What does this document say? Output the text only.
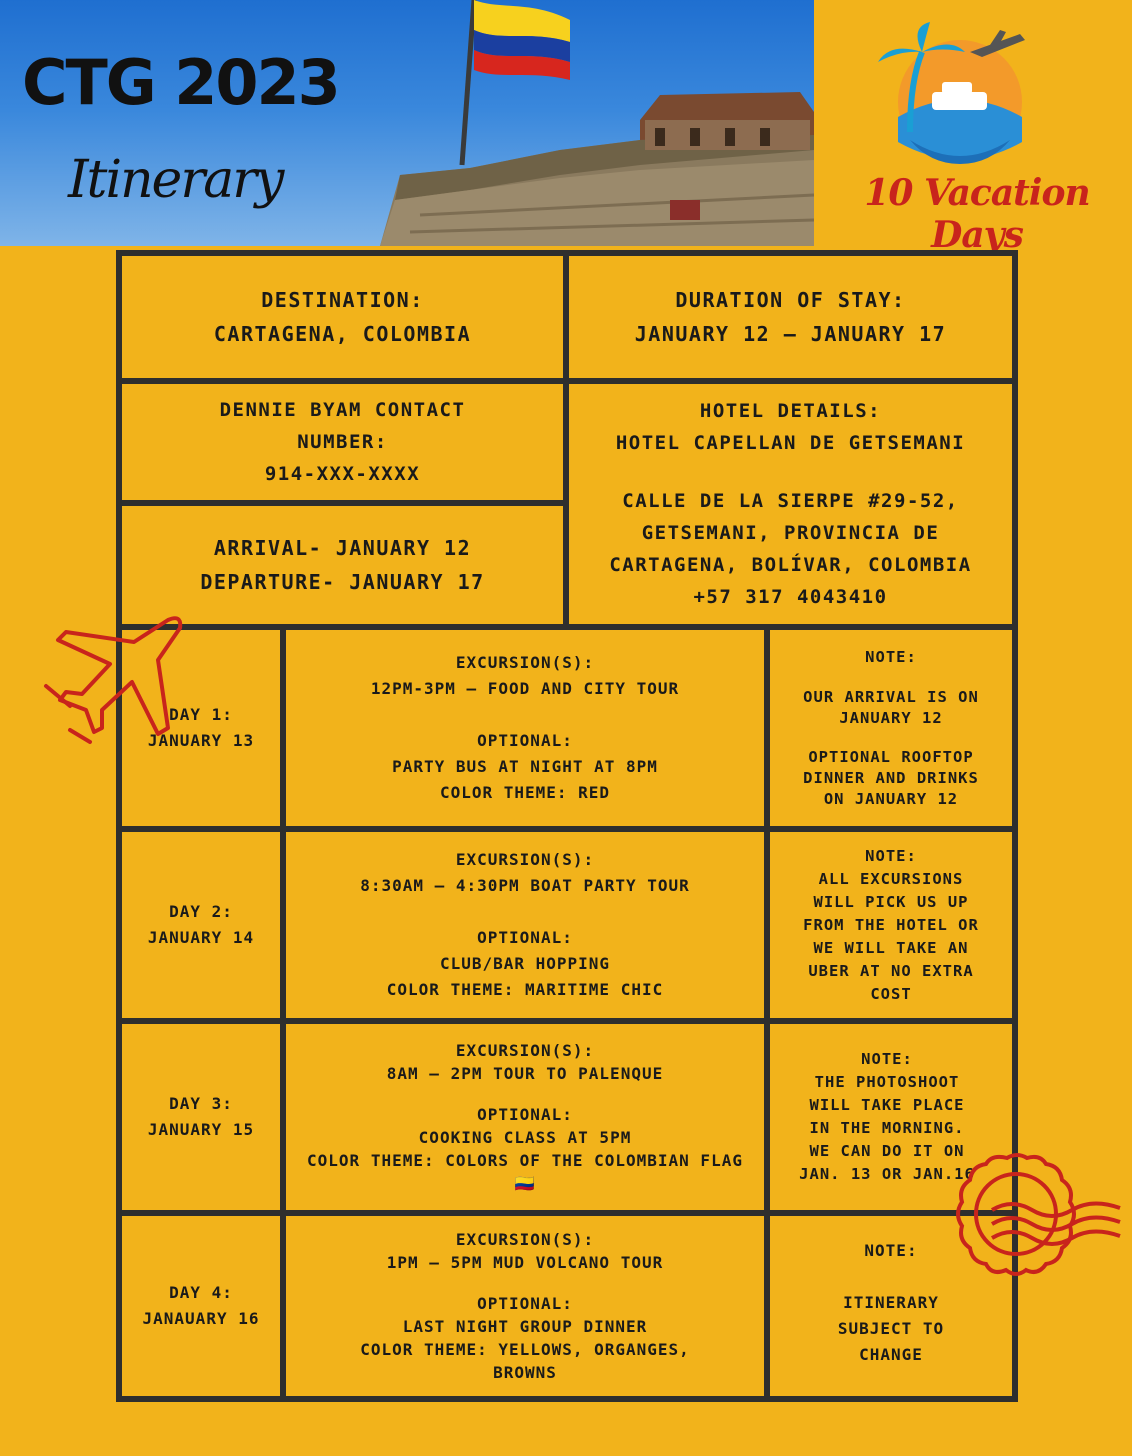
CTG 2023
Itinerary	10 Vacation Days
DESTINATION:
CARTAGENA, COLOMBIA
DURATION OF STAY:
JANUARY 12 – JANUARY 17
DENNIE BYAM CONTACT
NUMBER:
914-XXX-XXXX
ARRIVAL- JANUARY 12
DEPARTURE- JANUARY 17
HOTEL DETAILS:
HOTEL CAPELLAN DE GETSEMANI
CALLE DE LA SIERPE #29-52,
GETSEMANI, PROVINCIA DE
CARTAGENA, BOLÍVAR, COLOMBIA
+57 317 4043410
DAY 1:
JANUARY 13
EXCURSION(S):
12PM-3PM – FOOD AND CITY TOUR
OPTIONAL:
PARTY BUS AT NIGHT AT 8PM
COLOR THEME: RED
NOTE:
OUR ARRIVAL IS ON JANUARY 12
OPTIONAL ROOFTOP DINNER AND DRINKS ON JANUARY 12
DAY 2:
JANUARY 14
EXCURSION(S):
8:30AM – 4:30PM BOAT PARTY TOUR
OPTIONAL:
CLUB/BAR HOPPING
COLOR THEME: MARITIME CHIC
NOTE:
ALL EXCURSIONS WILL PICK US UP FROM THE HOTEL OR WE WILL TAKE AN UBER AT NO EXTRA COST
DAY 3:
JANUARY 15
EXCURSION(S):
8AM – 2PM TOUR TO PALENQUE
OPTIONAL:
COOKING CLASS AT 5PM
COLOR THEME: COLORS OF THE COLOMBIAN FLAG 🇨🇴
NOTE:
THE PHOTOSHOOT WILL TAKE PLACE IN THE MORNING. WE CAN DO IT ON JAN. 13 OR JAN.16
DAY 4:
JANAUARY 16
EXCURSION(S):
1PM – 5PM MUD VOLCANO TOUR
OPTIONAL:
LAST NIGHT GROUP DINNER
COLOR THEME: YELLOWS, ORGANGES, BROWNS
NOTE:
ITINERARY SUBJECT TO CHANGE
